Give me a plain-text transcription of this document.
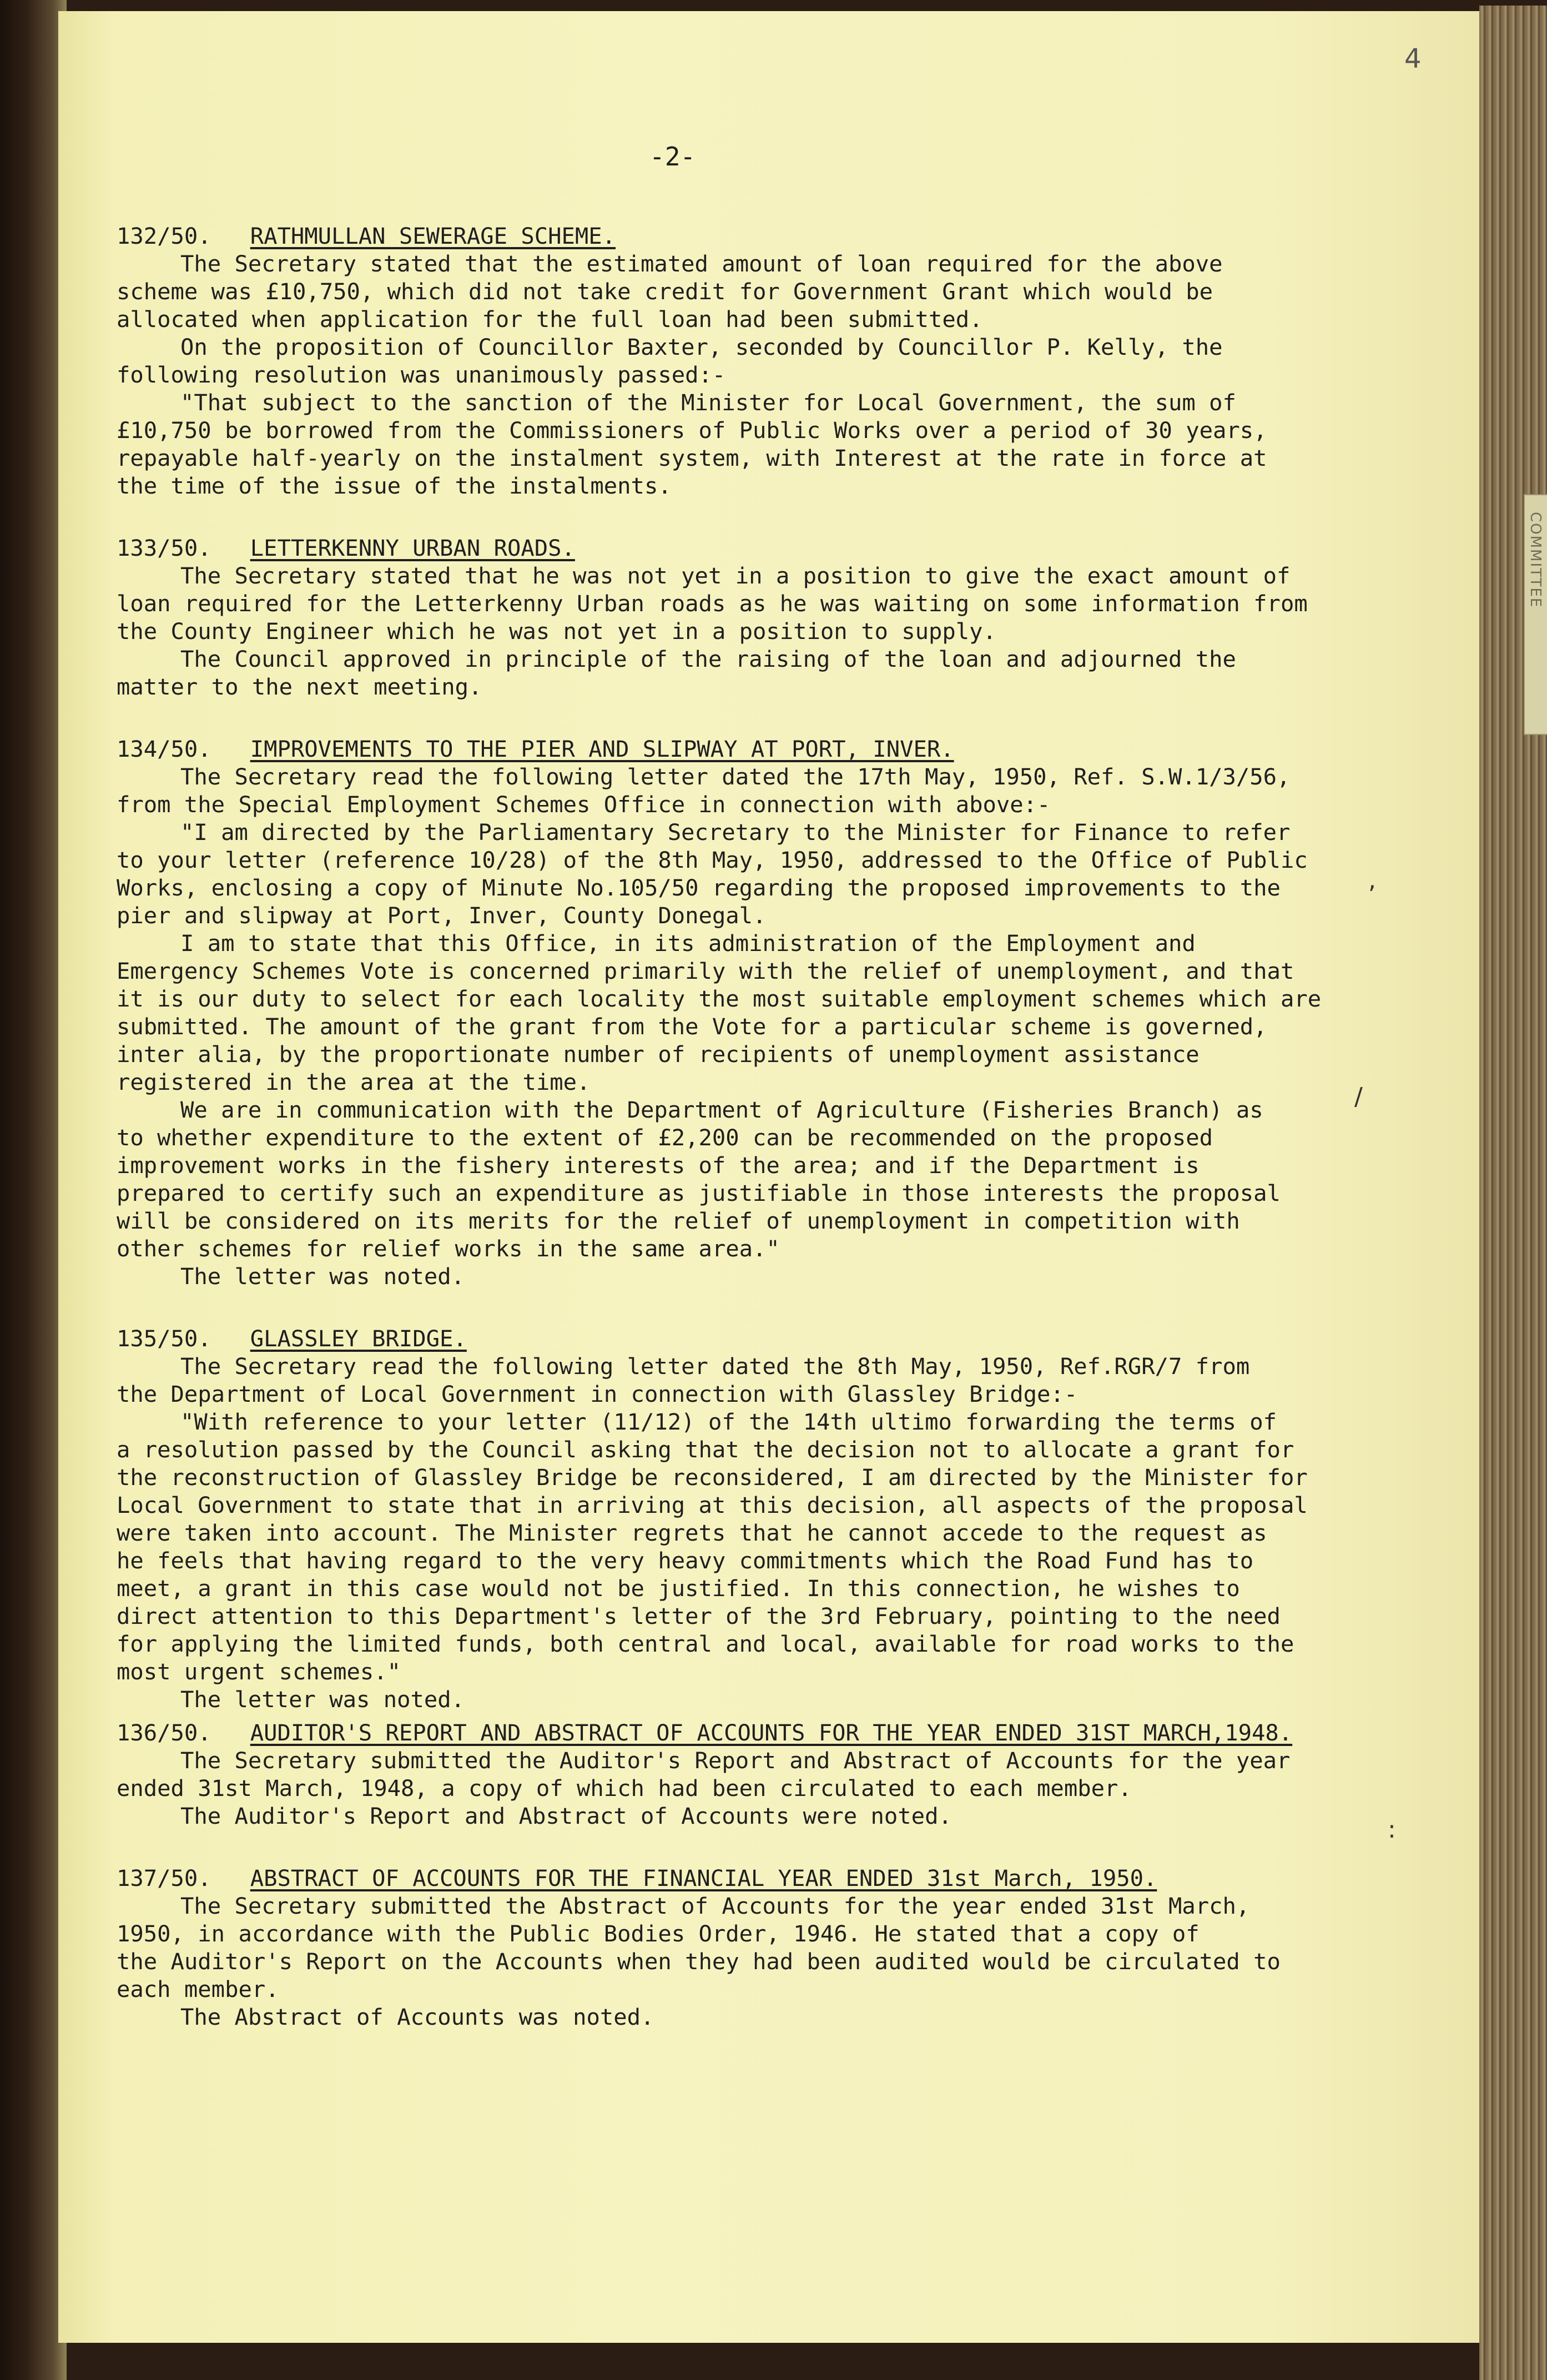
COMMITTEE
4
-2-
,
/
:
132/50. RATHMULLAN SEWERAGE SCHEME.
The Secretary stated that the estimated amount of loan required for the above
scheme was £10,750, which did not take credit for Government Grant which would be
allocated when application for the full loan had been submitted.
On the proposition of Councillor Baxter, seconded by Councillor P. Kelly, the
following resolution was unanimously passed:-
"That subject to the sanction of the Minister for Local Government, the sum of
£10,750 be borrowed from the Commissioners of Public Works over a period of 30 years,
repayable half-yearly on the instalment system, with Interest at the rate in force at
the time of the issue of the instalments.
133/50. LETTERKENNY URBAN ROADS.
The Secretary stated that he was not yet in a position to give the exact amount of
loan required for the Letterkenny Urban roads as he was waiting on some information from
the County Engineer which he was not yet in a position to supply.
The Council approved in principle of the raising of the loan and adjourned the
matter to the next meeting.
134/50. IMPROVEMENTS TO THE PIER AND SLIPWAY AT PORT, INVER.
The Secretary read the following letter dated the 17th May, 1950, Ref. S.W.1/3/56,
from the Special Employment Schemes Office in connection with above:-
"I am directed by the Parliamentary Secretary to the Minister for Finance to refer
to your letter (reference 10/28) of the 8th May, 1950, addressed to the Office of Public
Works, enclosing a copy of Minute No.105/50 regarding the proposed improvements to the
pier and slipway at Port, Inver, County Donegal.
I am to state that this Office, in its administration of the Employment and
Emergency Schemes Vote is concerned primarily with the relief of unemployment, and that
it is our duty to select for each locality the most suitable employment schemes which are
submitted. The amount of the grant from the Vote for a particular scheme is governed,
inter alia, by the proportionate number of recipients of unemployment assistance
registered in the area at the time.
We are in communication with the Department of Agriculture (Fisheries Branch) as
to whether expenditure to the extent of £2,200 can be recommended on the proposed
improvement works in the fishery interests of the area; and if the Department is
prepared to certify such an expenditure as justifiable in those interests the proposal
will be considered on its merits for the relief of unemployment in competition with
other schemes for relief works in the same area."
The letter was noted.
135/50. GLASSLEY BRIDGE.
The Secretary read the following letter dated the 8th May, 1950, Ref.RGR/7 from
the Department of Local Government in connection with Glassley Bridge:-
"With reference to your letter (11/12) of the 14th ultimo forwarding the terms of
a resolution passed by the Council asking that the decision not to allocate a grant for
the reconstruction of Glassley Bridge be reconsidered, I am directed by the Minister for
Local Government to state that in arriving at this decision, all aspects of the proposal
were taken into account. The Minister regrets that he cannot accede to the request as
he feels that having regard to the very heavy commitments which the Road Fund has to
meet, a grant in this case would not be justified. In this connection, he wishes to
direct attention to this Department's letter of the 3rd February, pointing to the need
for applying the limited funds, both central and local, available for road works to the
most urgent schemes."
The letter was noted.
136/50. AUDITOR'S REPORT AND ABSTRACT OF ACCOUNTS FOR THE YEAR ENDED 31ST MARCH,1948.
The Secretary submitted the Auditor's Report and Abstract of Accounts for the year
ended 31st March, 1948, a copy of which had been circulated to each member.
The Auditor's Report and Abstract of Accounts were noted.
137/50. ABSTRACT OF ACCOUNTS FOR THE FINANCIAL YEAR ENDED 31st March, 1950.
The Secretary submitted the Abstract of Accounts for the year ended 31st March,
1950, in accordance with the Public Bodies Order, 1946. He stated that a copy of
the Auditor's Report on the Accounts when they had been audited would be circulated to
each member.
The Abstract of Accounts was noted.
